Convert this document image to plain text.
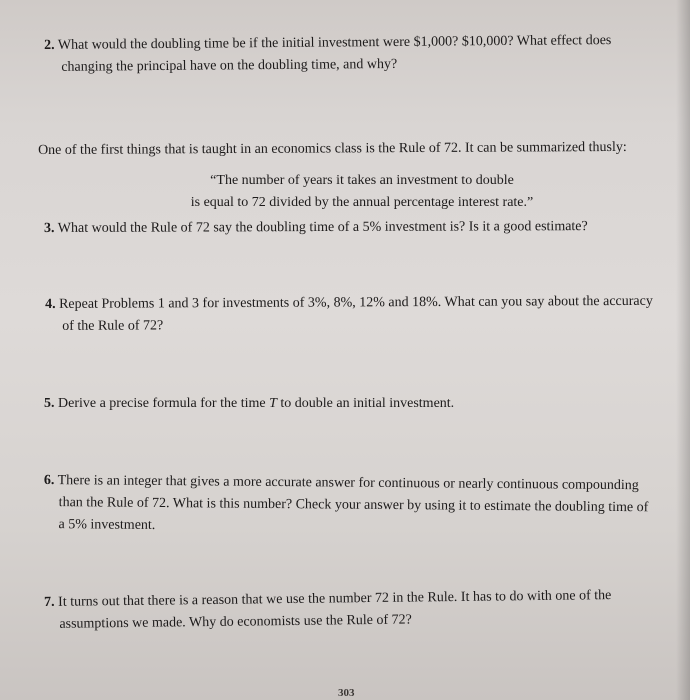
2. What would the doubling time be if the initial investment were $1,000? $10,000? What effect does
changing the principal have on the doubling time, and why?
One of the first things that is taught in an economics class is the Rule of 72. It can be summarized thusly:
“The number of years it takes an investment to double
is equal to 72 divided by the annual percentage interest rate.”
3. What would the Rule of 72 say the doubling time of a 5% investment is? Is it a good estimate?
4. Repeat Problems 1 and 3 for investments of 3%, 8%, 12% and 18%. What can you say about the accuracy
of the Rule of 72?
5. Derive a precise formula for the time T to double an initial investment.
6. There is an integer that gives a more accurate answer for continuous or nearly continuous compounding
than the Rule of 72. What is this number? Check your answer by using it to estimate the doubling time of
a 5% investment.
7. It turns out that there is a reason that we use the number 72 in the Rule. It has to do with one of the
assumptions we made. Why do economists use the Rule of 72?
303
